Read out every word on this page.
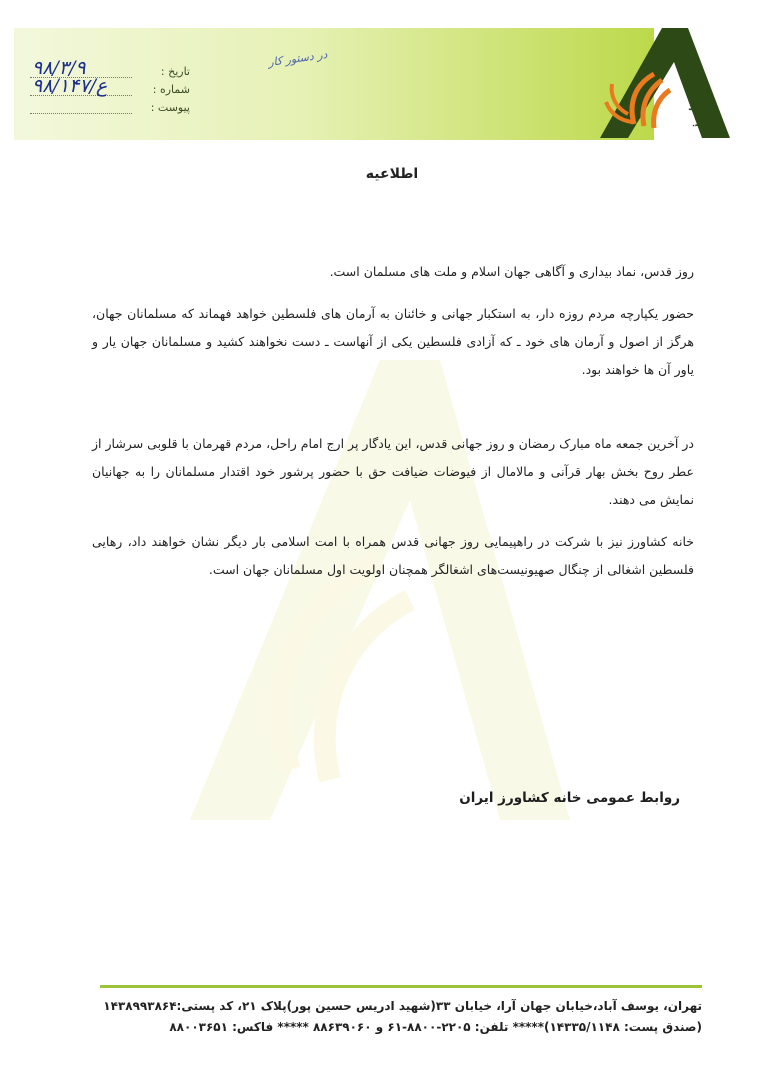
خانه کشاورز
در دستور کار
تاریخ :
۹۸/۳/۹
شماره :
ع/۹۸/۱۴۷
پیوست :
اطلاعیه

روز قدس، نماد بیداری و آگاهی جهان اسلام و ملت های مسلمان است.

حضور یکپارچه مردم روزه دار، به استکبار جهانی و خائنان به آرمان های فلسطین خواهد فهماند که مسلمانان جهان، هرگز از اصول و آرمان های خود ـ که آزادی فلسطین یکی از آنهاست ـ دست نخواهند کشید و مسلمانان جهان یار و یاور آن ها خواهند بود.

در آخرین جمعه ماه مبارک رمضان و روز جهانی قدس، این یادگار پر ارج امام راحل، مردم قهرمان با قلوبی سرشار از عطر روح بخش بهار قرآنی و مالامال از فیوضات ضیافت حق با حضور پرشور خود اقتدار مسلمانان را به جهانیان نمایش می دهند.

خانه کشاورز نیز با شرکت در راهپیمایی روز جهانی قدس همراه با امت اسلامی بار دیگر نشان خواهند داد، رهایی فلسطین اشغالی از چنگال صهیونیست‌های اشغالگر همچنان اولویت اول مسلمانان جهان است.

روابط عمومی خانه کشاورز ایران
تهران، یوسف آباد،خیابان جهان آرا، خیابان ۳۳(شهید ادریس حسین پور)پلاک ۲۱، کد پستی:۱۴۳۸۹۹۳۸۶۴
(صندق پست: ۱۴۳۳۵/۱۱۴۸)***** تلفن: ۲۲۰۵-۸۸۰۰-۶۱ و ۸۸۶۳۹۰۶۰ ***** فاکس: ۸۸۰۰۳۶۵۱
